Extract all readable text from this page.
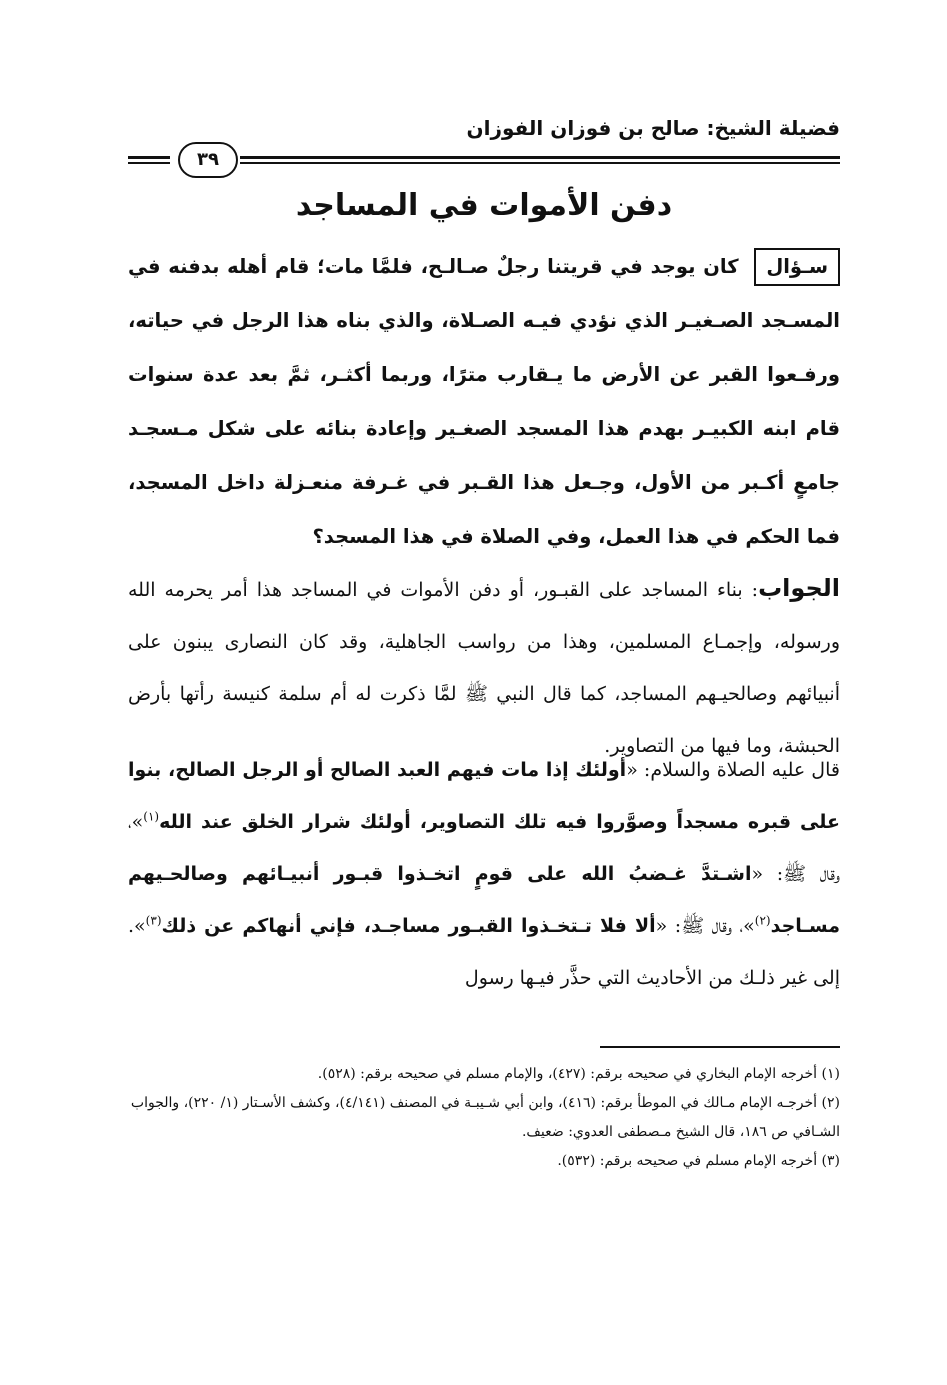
فضيلة الشيخ: صالح بن فوزان الفوزان
٣٩
دفن الأموات في المساجد
سـؤال كان يوجد في قريتنا رجلٌ صـالـح، فلمَّا مات؛ قام أهله بدفنه في المسـجد الصـغيـر الذي نؤدي فيـه الصـلاة، والذي بناه هذا الرجل في حياته، ورفـعوا القبر عن الأرض ما يـقارب مترًا، وربما أكثـر، ثمَّ بعد عدة سنوات قام ابنه الكبيـر بهدم هذا المسجد الصغـير وإعادة بنائه على شكل مـسجـد جامعٍ أكـبر من الأول، وجـعل هذا القـبر في غـرفة منعـزلة داخل المسجد، فما الحكم في هذا العمل، وفي الصلاة في هذا المسجد؟
الجواب: بناء المساجد على القبـور، أو دفن الأموات في المساجد هذا أمر يحرمه الله ورسوله، وإجمـاع المسلمين، وهذا من رواسب الجاهلية، وقد كان النصارى يبنون على أنبيائهم وصالحيـهم المساجد، كما قال النبي ﷺ لمَّا ذكرت له أم سلمة كنيسة رأتها بأرض الحبشة، وما فيها من التصاوير.
قال عليه الصلاة والسلام: «أولئك إذا مات فيهم العبد الصالح أو الرجل الصالح، بنوا على قبره مسجداً وصوَّروا فيه تلك التصاوير، أولئك شرار الخلق عند الله$^{(١)}$»، وقال ﷺ: «اشـتدَّ غـضبُ الله على قومٍ اتخـذوا قبـور أنبيـائهم وصالحـيهم مسـاجد$^{(٢)}$»، وقال ﷺ: «ألا فلا تـتخـذوا القبـور مساجـد، فإني أنهاكم عن ذلك$^{(٣)}$». إلى غير ذلـك من الأحاديث التي حذَّر فيـها رسول

(١) أخرجه الإمام البخاري في صحيحه برقم: (٤٢٧)، والإمام مسلم في صحيحه برقم: (٥٢٨).

(٢) أخرجـه الإمام مـالك في الموطأ برقم: (٤١٦)، وابن أبي شـيبـة في المصنف (٤/١٤١)، وكشف الأسـتار (١/ ٢٢٠)، والجواب الشـافي ص ١٨٦، قال الشيخ مـصطفى العدوي: ضعيف.

(٣) أخرجه الإمام مسلم في صحيحه برقم: (٥٣٢).
